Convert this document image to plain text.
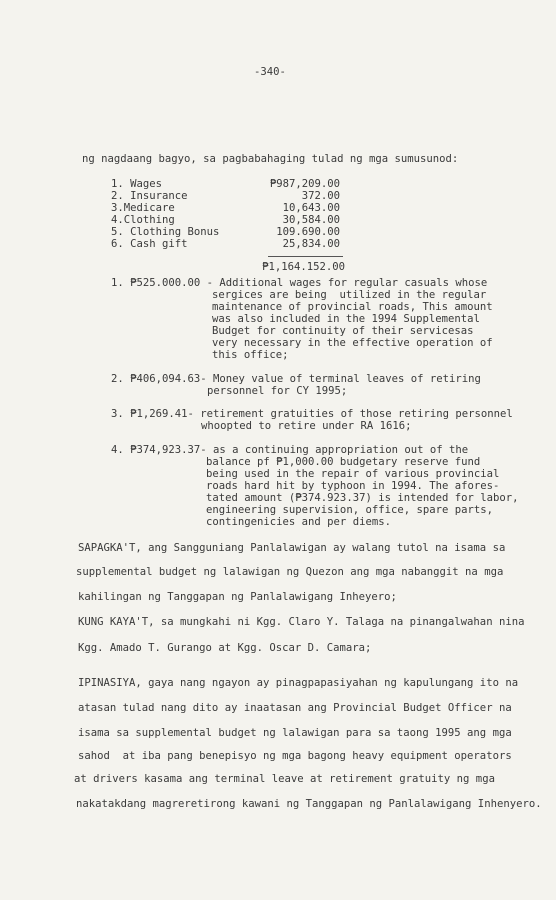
-340-
ng nagdaang bagyo, sa pagbabahaging tulad ng mga sumusunod:
1. Wages	₱987,209.00
2. Insurance	372.00
3.Medicare	10,643.00
4.Clothing	30,584.00
5. Clothing Bonus	109.690.00
6. Cash gift	25,834.00
₱1,164.152.00
1. ₱525.000.00 - Additional wages for regular casuals whose
sergices are being  utilized in the regular
maintenance of provincial roads, This amount
was also included in the 1994 Supplemental
Budget for continuity of their servicesas
very necessary in the effective operation of
this office;
2. ₱406,094.63- Money value of terminal leaves of retiring
personnel for CY 1995;
3. ₱1,269.41- retirement gratuities of those retiring personnel
whoopted to retire under RA 1616;
4. ₱374,923.37- as a continuing appropriation out of the
balance pf ₱1,000.00 budgetary reserve fund
being used in the repair of various provincial
roads hard hit by typhoon in 1994. The afores-
tated amount (₱374.923.37) is intended for labor,
engineering supervision, office, spare parts,
contingenicies and per diems.
SAPAGKA'T, ang Sangguniang Panlalawigan ay walang tutol na isama sa
supplemental budget ng lalawigan ng Quezon ang mga nabanggit na mga
kahilingan ng Tanggapan ng Panlalawigang Inheyero;
KUNG KAYA'T, sa mungkahi ni Kgg. Claro Y. Talaga na pinangalwahan nina
Kgg. Amado T. Gurango at Kgg. Oscar D. Camara;
IPINASIYA, gaya nang ngayon ay pinagpapasiyahan ng kapulungang ito na
atasan tulad nang dito ay inaatasan ang Provincial Budget Officer na
isama sa supplemental budget ng lalawigan para sa taong 1995 ang mga
sahod  at iba pang benepisyo ng mga bagong heavy equipment operators
at drivers kasama ang terminal leave at retirement gratuity ng mga
nakatakdang magreretirong kawani ng Tanggapan ng Panlalawigang Inhenyero.
